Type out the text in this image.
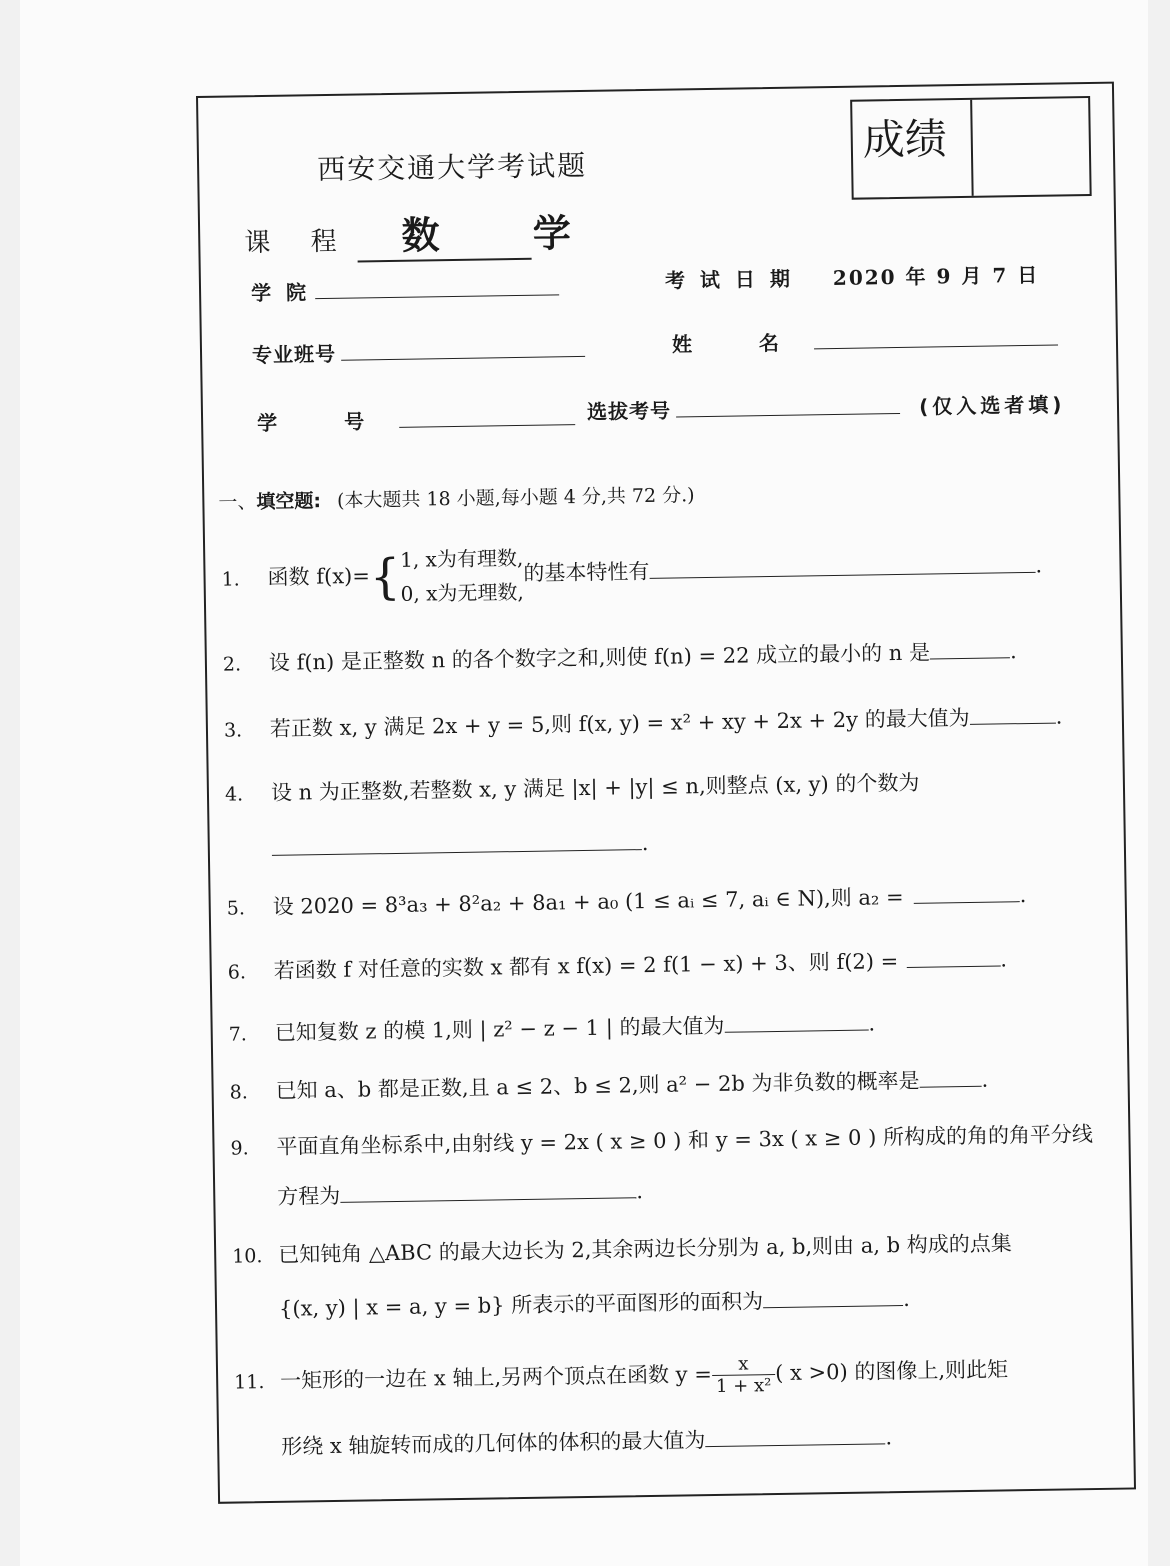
成绩
西安交通大学考试题
课 程 数 学
学 院
考 试 日 期 2020 年 9 月 7 日
专业班号	姓 名
学 号	选拔考号	(仅入选者填)
一、填空题: (本大题共 18 小题,每小题 4 分,共 72 分.)
1. 函数 f(x)={ 1, x为有理数,
0, x为无理数,
的基本特性有	.
2. 设 f(n) 是正整数 n 的各个数字之和,则使 f(n) = 22 成立的最小的 n 是	.
3. 若正数 x, y 满足 2x + y = 5,则 f(x, y) = x² + xy + 2x + 2y 的最大值为	.
4. 设 n 为正整数,若整数 x, y 满足 |x| + |y| ≤ n,则整点 (x, y) 的个数为
.
5. 设 2020 = 8³a₃ + 8²a₂ + 8a₁ + a₀ (1 ≤ aᵢ ≤ 7, aᵢ ∈ N),则 a₂ =	.
6. 若函数 f 对任意的实数 x 都有 x f(x) = 2 f(1 − x) + 3、则 f(2) =	.
7. 已知复数 z 的模 1,则 | z² − z − 1 | 的最大值为	.
8. 已知 a、b 都是正数,且 a ≤ 2、b ≤ 2,则 a² − 2b 为非负数的概率是	.
9. 平面直角坐标系中,由射线 y = 2x ( x ≥ 0 ) 和 y = 3x ( x ≥ 0 ) 所构成的角的角平分线
方程为	.
10. 已知钝角 △ABC 的最大边长为 2,其余两边长分别为 a, b,则由 a, b 构成的点集
{(x, y) | x = a, y = b} 所表示的平面图形的面积为	.
11. 一矩形的一边在 x 轴上,另两个顶点在函数 $y = \frac{x}{\text{1 + x²}}$ ( x >0) 的图像上,则此矩
形绕 x 轴旋转而成的几何体的体积的最大值为	.
